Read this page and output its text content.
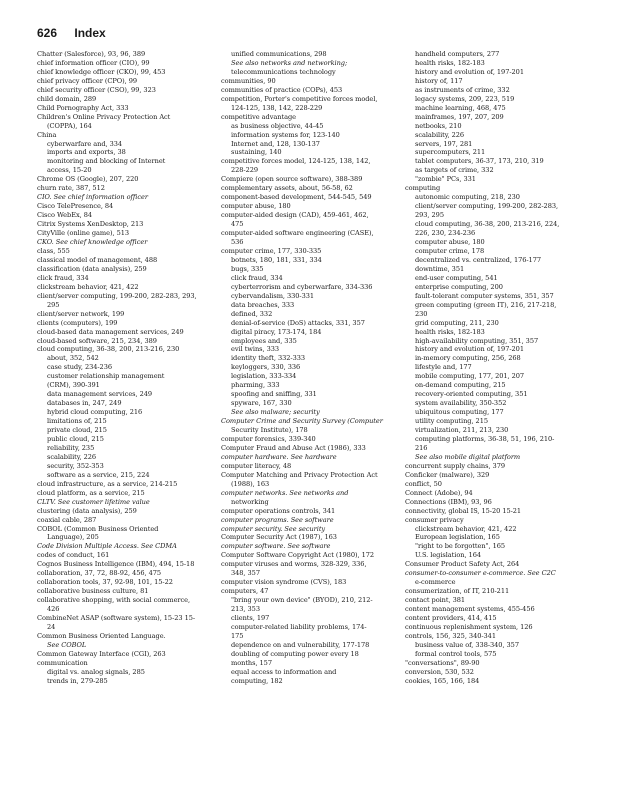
626 Index
Chatter (Salesforce), 93, 96, 389
chief information officer (CIO), 99
chief knowledge officer (CKO), 99, 453
chief privacy officer (CPO), 99
chief security officer (CSO), 99, 323
child domain, 289
Child Pornography Act, 333
Children's Online Privacy Protection Act
(COPPA), 164
China
cyberwarfare and, 334
imports and exports, 38
monitoring and blocking of Internet
access, 15-20
Chrome OS (Google), 207, 220
churn rate, 387, 512
CIO. See chief information officer
Cisco TelePresence, 84
Cisco WebEx, 84
Citrix Systems XenDesktop, 213
CityVille (online game), 513
CKO. See chief knowledge officer
class, 555
classical model of management, 488
classification (data analysis), 259
click fraud, 334
clickstream behavior, 421, 422
client/server computing, 199-200, 282-283, 293,
295
client/server network, 199
clients (computers), 199
cloud-based data management services, 249
cloud-based software, 215, 234, 389
cloud computing, 36-38, 200, 213-216, 230
about, 352, 542
case study, 234-236
customer relationship management
(CRM), 390-391
data management services, 249
databases in, 247, 249
hybrid cloud computing, 216
limitations of, 215
private cloud, 215
public cloud, 215
reliability, 235
scalability, 226
security, 352-353
software as a service, 215, 224
cloud infrastructure, as a service, 214-215
cloud platform, as a service, 215
CLTV. See customer lifetime value
clustering (data analysis), 259
coaxial cable, 287
COBOL (Common Business Oriented
Language), 205
Code Division Multiple Access. See CDMA
codes of conduct, 161
Cognos Business Intelligence (IBM), 494, 15-18
collaboration, 37, 72, 88-92, 456, 475
collaboration tools, 37, 92-98, 101, 15-22
collaborative business culture, 81
collaborative shopping, with social commerce,
426
CombineNet ASAP (software system), 15-23 15-
24
Common Business Oriented Language.
See COBOL
Common Gateway Interface (CGI), 263
communication
digital vs. analog signals, 285
trends in, 279-285
unified communications, 298
See also networks and networking;
telecommunications technology
communities, 90
communities of practice (COPs), 453
competition, Porter's competitive forces model,
124-125, 138, 142, 228-229
competitive advantage
as business objective, 44-45
information systems for, 123-140
Internet and, 128, 130-137
sustaining, 140
competitive forces model, 124-125, 138, 142,
228-229
Compiere (open source software), 388-389
complementary assets, about, 56-58, 62
component-based development, 544-545, 549
computer abuse, 180
computer-aided design (CAD), 459-461, 462,
475
computer-aided software engineering (CASE),
536
computer crime, 177, 330-335
botnets, 180, 181, 331, 334
bugs, 335
click fraud, 334
cyberterrorism and cyberwarfare, 334-336
cybervandalism, 330-331
data breaches, 333
defined, 332
denial-of-service (DoS) attacks, 331, 357
digital piracy, 173-174, 184
employees and, 335
evil twins, 333
identity theft, 332-333
keyloggers, 330, 336
legislation, 333-334
pharming, 333
spoofing and sniffing, 331
spyware, 167, 330
See also malware; security
Computer Crime and Security Survey (Computer
Security Institute), 178
computer forensics, 339-340
Computer Fraud and Abuse Act (1986), 333
computer hardware. See hardware
computer literacy, 48
Computer Matching and Privacy Protection Act
(1988), 163
computer networks. See networks and
networking
computer operations controls, 341
computer programs. See software
computer security. See security
Computer Security Act (1987), 163
computer software. See software
Computer Software Copyright Act (1980), 172
computer viruses and worms, 328-329, 336,
348, 357
computer vision syndrome (CVS), 183
computers, 47
"bring your own device" (BYOD), 210, 212-
213, 353
clients, 197
computer-related liability problems, 174-
175
dependence on and vulnerability, 177-178
doubling of computing power every 18
months, 157
equal access to information and
computing, 182
handheld computers, 277
health risks, 182-183
history and evolution of, 197-201
history of, 117
as instruments of crime, 332
legacy systems, 209, 223, 519
machine learning, 468, 475
mainframes, 197, 207, 209
netbooks, 210
scalability, 226
servers, 197, 281
supercomputers, 211
tablet computers, 36-37, 173, 210, 319
as targets of crime, 332
"zombie" PCs, 331
computing
autonomic computing, 218, 230
client/server computing, 199-200, 282-283,
293, 295
cloud computing, 36-38, 200, 213-216, 224,
226, 230, 234-236
computer abuse, 180
computer crime, 178
decentralized vs. centralized, 176-177
downtime, 351
end-user computing, 541
enterprise computing, 200
fault-tolerant computer systems, 351, 357
green computing (green IT), 216, 217-218,
230
grid computing, 211, 230
health risks, 182-183
high-availability computing, 351, 357
history and evolution of, 197-201
in-memory computing, 256, 268
lifestyle and, 177
mobile computing, 177, 201, 207
on-demand computing, 215
recovery-oriented computing, 351
system availability, 350-352
ubiquitous computing, 177
utility computing, 215
virtualization, 211, 213, 230
computing platforms, 36-38, 51, 196, 210-
216
See also mobile digital platform
concurrent supply chains, 379
Conficker (malware), 329
conflict, 50
Connect (Adobe), 94
Connections (IBM), 93, 96
connectivity, global IS, 15-20 15-21
consumer privacy
clickstream behavior, 421, 422
European legislation, 165
"right to be forgotten", 165
U.S. legislation, 164
Consumer Product Safety Act, 264
consumer-to-consumer e-commerce. See C2C
e-commerce
consumerization, of IT, 210-211
contact point, 381
content management systems, 455-456
content providers, 414, 415
continuous replenishment system, 126
controls, 156, 325, 340-341
business value of, 338-340, 357
formal control tools, 575
"conversations", 89-90
conversion, 530, 532
cookies, 165, 166, 184
